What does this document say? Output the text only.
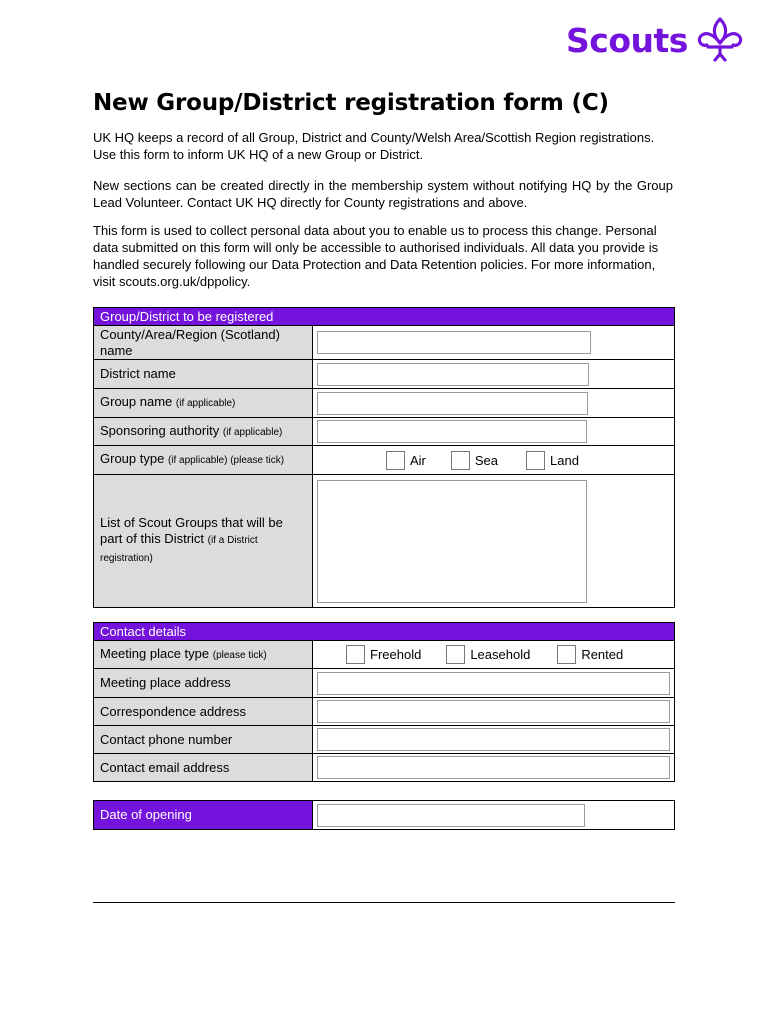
Scouts
New Group/District registration form (C)

UK HQ keeps a record of all Group, District and County/Welsh Area/Scottish Region registrations. Use this form to inform UK HQ of a new Group or District.

New sections can be created directly in the membership system without notifying HQ by the Group Lead Volunteer. Contact UK HQ directly for County registrations and above.

This form is used to collect personal data about you to enable us to process this change. Personal data submitted on this form will only be accessible to authorised individuals. All data you provide is handled securely following our Data Protection and Data Retention policies. For more information, visit scouts.org.uk/dppolicy.

Group/District to be registered	
County/Area/Region (Scotland) name	

District name	

Group name (if applicable)	

Sponsoring authority (if applicable)	

Group type (if applicable) (please tick)	Air Sea Land

List of Scout Groups that will be part of this District (if a District registration)	
Contact details	
Meeting place type (please tick)	Freehold Leasehold Rented

Meeting place address	

Correspondence address	

Contact phone number	

Contact email address	
Date of opening	
